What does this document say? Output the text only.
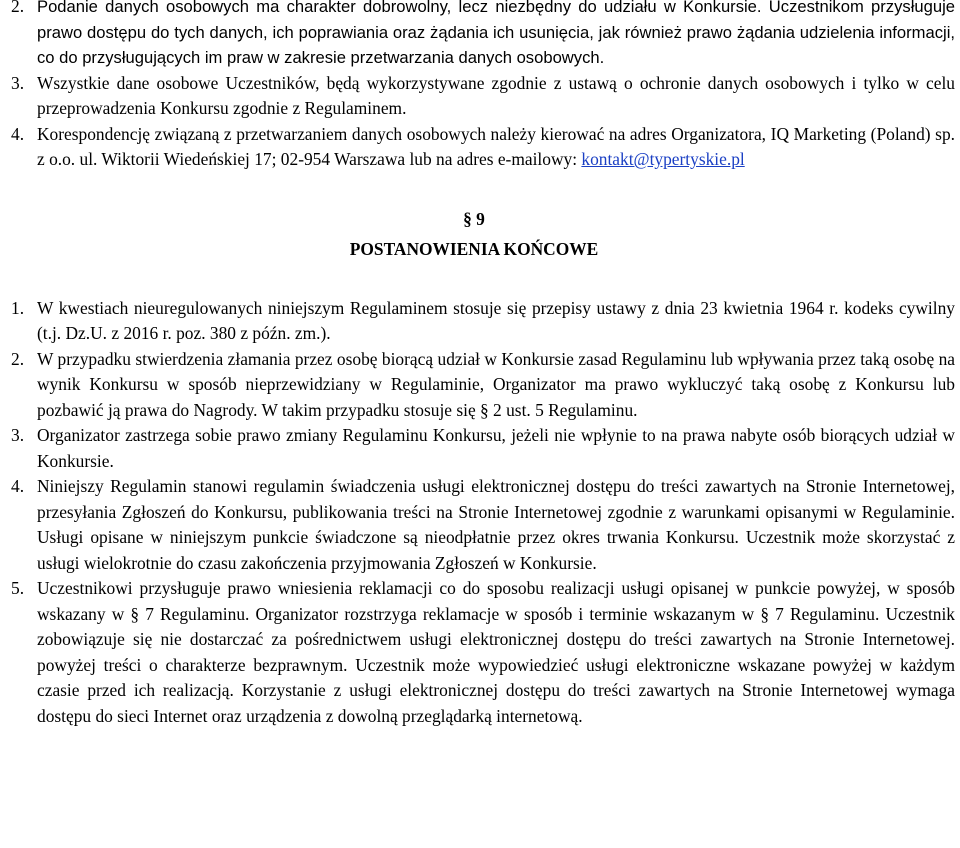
2. Podanie danych osobowych ma charakter dobrowolny, lecz niezbędny do udziału w Konkursie. Uczestnikom przysługuje prawo dostępu do tych danych, ich poprawiania oraz żądania ich usunięcia, jak również prawo żądania udzielenia informacji, co do przysługujących im praw w zakresie przetwarzania danych osobowych.
3. Wszystkie dane osobowe Uczestników, będą wykorzystywane zgodnie z ustawą o ochronie danych osobowych i tylko w celu przeprowadzenia Konkursu zgodnie z Regulaminem.
4. Korespondencję związaną z przetwarzaniem danych osobowych należy kierować na adres Organizatora, IQ Marketing (Poland) sp. z o.o. ul. Wiktorii Wiedeńskiej 17; 02-954 Warszawa lub na adres e-mailowy: kontakt@typertyskie.pl
§ 9
POSTANOWIENIA KOŃCOWE
1. W kwestiach nieuregulowanych niniejszym Regulaminem stosuje się przepisy ustawy z dnia 23 kwietnia 1964 r. kodeks cywilny (t.j. Dz.U. z 2016 r. poz. 380 z późn. zm.).
2. W przypadku stwierdzenia złamania przez osobę biorącą udział w Konkursie zasad Regulaminu lub wpływania przez taką osobę na wynik Konkursu w sposób nieprzewidziany w Regulaminie, Organizator ma prawo wykluczyć taką osobę z Konkursu lub pozbawić ją prawa do Nagrody. W takim przypadku stosuje się § 2 ust. 5 Regulaminu.
3. Organizator zastrzega sobie prawo zmiany Regulaminu Konkursu, jeżeli nie wpłynie to na prawa nabyte osób biorących udział w Konkursie.
4. Niniejszy Regulamin stanowi regulamin świadczenia usługi elektronicznej dostępu do treści zawartych na Stronie Internetowej, przesyłania Zgłoszeń do Konkursu, publikowania treści na Stronie Internetowej zgodnie z warunkami opisanymi w Regulaminie. Usługi opisane w niniejszym punkcie świadczone są nieodpłatnie przez okres trwania Konkursu. Uczestnik może skorzystać z usługi wielokrotnie do czasu zakończenia przyjmowania Zgłoszeń w Konkursie.
5. Uczestnikowi przysługuje prawo wniesienia reklamacji co do sposobu realizacji usługi opisanej w punkcie powyżej, w sposób wskazany w § 7 Regulaminu. Organizator rozstrzyga reklamacje w sposób i terminie wskazanym w § 7 Regulaminu. Uczestnik zobowiązuje się nie dostarczać za pośrednictwem usługi elektronicznej dostępu do treści zawartych na Stronie Internetowej. powyżej treści o charakterze bezprawnym. Uczestnik może wypowiedzieć usługi elektroniczne wskazane powyżej w każdym czasie przed ich realizacją. Korzystanie z usługi elektronicznej dostępu do treści zawartych na Stronie Internetowej wymaga dostępu do sieci Internet oraz urządzenia z dowolną przeglądarką internetową.
